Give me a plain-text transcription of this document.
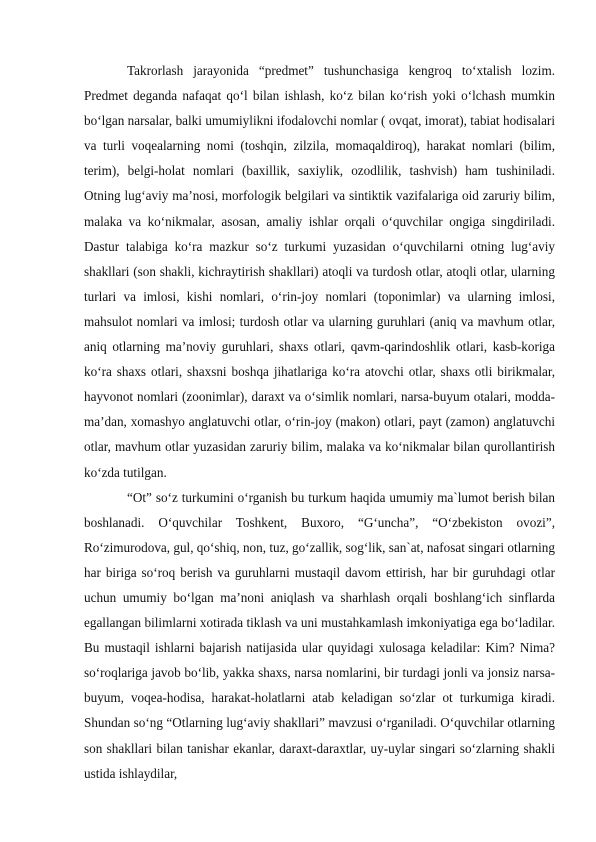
Takrorlash jarayonida “predmet” tushunchasiga kengroq to‘xtalish lozim. Predmet deganda nafaqat qo‘l bilan ishlash, ko‘z bilan ko‘rish yoki o‘lchash mumkin bo‘lgan narsalar, balki umumiylikni ifodalovchi nomlar ( ovqat, imorat), tabiat hodisalari va turli voqealarning nomi (toshqin, zilzila, momaqaldiroq), harakat nomlari (bilim, terim), belgi-holat nomlari (baxillik, saxiylik, ozodlilik, tashvish) ham tushiniladi. Otning lug‘aviy ma’nosi, morfologik belgilari va sintiktik vazifalariga oid zaruriy bilim, malaka va ko‘nikmalar, asosan, amaliy ishlar orqali o‘quvchilar ongiga singdiriladi. Dastur talabiga ko‘ra mazkur so‘z turkumi yuzasidan o‘quvchilarni otning lug‘aviy shakllari (son shakli, kichraytirish shakllari) atoqli va turdosh otlar, atoqli otlar, ularning turlari va imlosi, kishi nomlari, o‘rin-joy nomlari (toponimlar) va ularning imlosi, mahsulot nomlari va imlosi; turdosh otlar va ularning guruhlari (aniq va mavhum otlar, aniq otlarning ma’noviy guruhlari, shaxs otlari, qavm-qarindoshlik otlari, kasb-koriga ko‘ra shaxs otlari, shaxsni boshqa jihatlariga ko‘ra atovchi otlar, shaxs otli birikmalar, hayvonot nomlari (zoonimlar), daraxt va o‘simlik nomlari, narsa-buyum otalari, modda-ma’dan, xomashyo anglatuvchi otlar, o‘rin-joy (makon) otlari, payt (zamon) anglatuvchi otlar, mavhum otlar yuzasidan zaruriy bilim, malaka va ko‘nikmalar bilan qurollantirish ko‘zda tutilgan.

“Ot” so‘z turkumini o‘rganish bu turkum haqida umumiy ma`lumot berish bilan boshlanadi. O‘quvchilar Toshkent, Buxoro, “G‘uncha”, “O‘zbekiston ovozi”, Ro‘zimurodova, gul, qo‘shiq, non, tuz, go‘zallik, sog‘lik, san`at, nafosat singari otlarning har biriga so‘roq berish va guruhlarni mustaqil davom ettirish, har bir guruhdagi otlar uchun umumiy bo‘lgan ma’noni aniqlash va sharhlash orqali boshlang‘ich sinflarda egallangan bilimlarni xotirada tiklash va uni mustahkamlash imkoniyatiga ega bo‘ladilar. Bu mustaqil ishlarni bajarish natijasida ular quyidagi xulosaga keladilar: Kim? Nima? so‘roqlariga javob bo‘lib, yakka shaxs, narsa nomlarini, bir turdagi jonli va jonsiz narsa-buyum, voqea-hodisa, harakat-holatlarni atab keladigan so‘zlar ot turkumiga kiradi. Shundan so‘ng “Otlarning lug‘aviy shakllari” mavzusi o‘rganiladi. O‘quvchilar otlarning son shakllari bilan tanishar ekanlar, daraxt-daraxtlar, uy-uylar singari so‘zlarning shakli ustida ishlaydilar,
